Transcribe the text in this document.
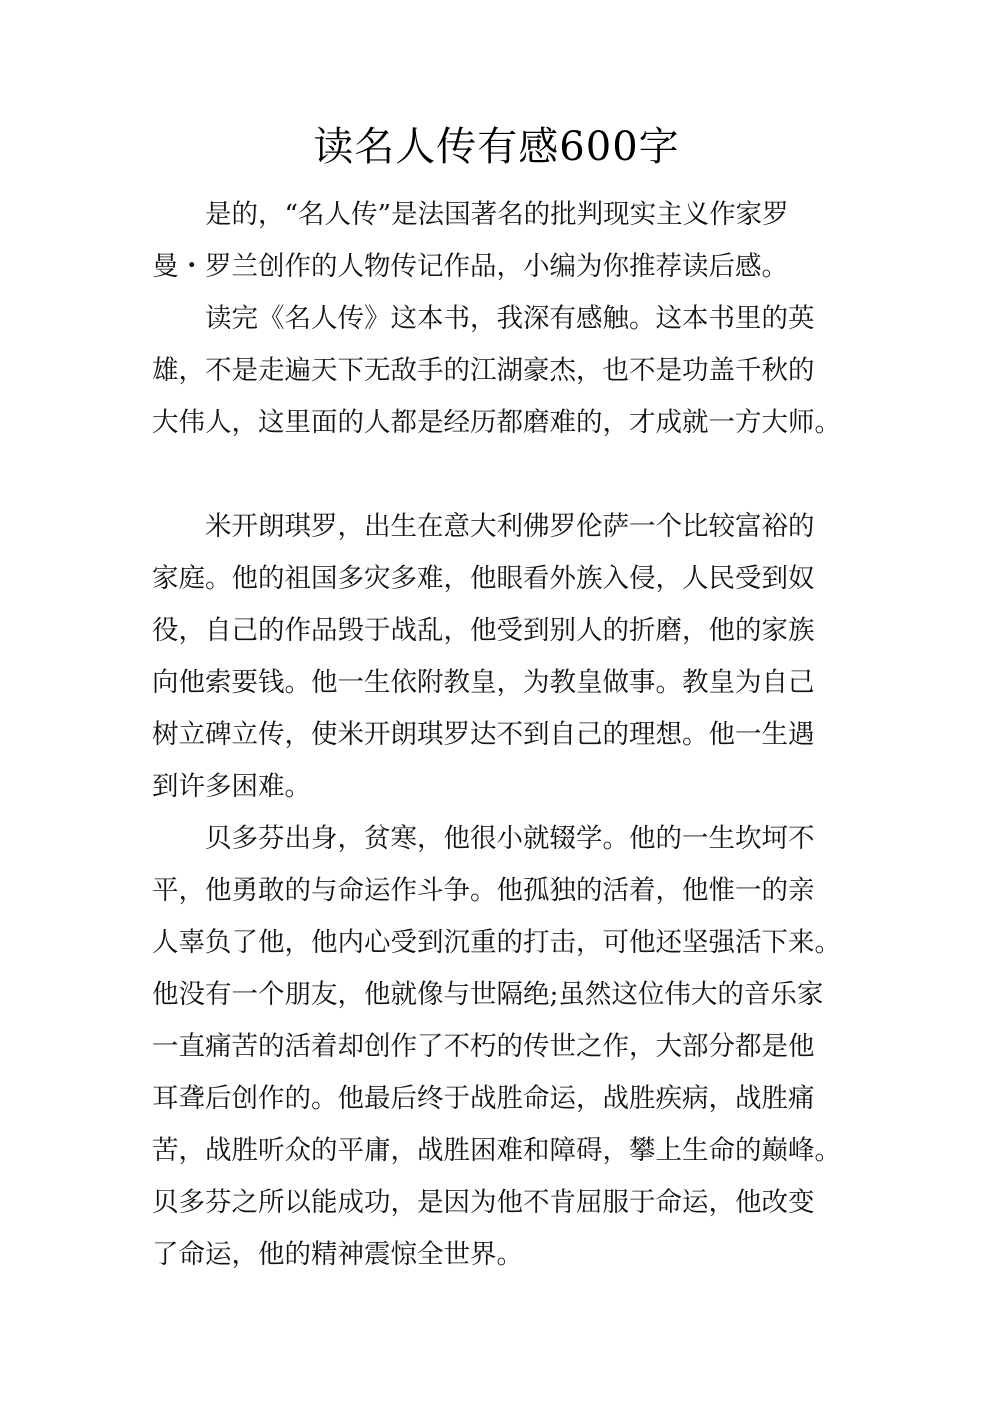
读名人传有感600字
是的，“名人传”是法国著名的批判现实主义作家罗
曼・罗兰创作的人物传记作品，小编为你推荐读后感。
读完《名人传》这本书，我深有感触。这本书里的英
雄，不是走遍天下无敌手的江湖豪杰，也不是功盖千秋的
大伟人，这里面的人都是经历都磨难的，才成就一方大师。
米开朗琪罗，出生在意大利佛罗伦萨一个比较富裕的
家庭。他的祖国多灾多难，他眼看外族入侵，人民受到奴
役，自己的作品毁于战乱，他受到别人的折磨，他的家族
向他索要钱。他一生依附教皇，为教皇做事。教皇为自己
树立碑立传，使米开朗琪罗达不到自己的理想。他一生遇
到许多困难。
贝多芬出身，贫寒，他很小就辍学。他的一生坎坷不
平，他勇敢的与命运作斗争。他孤独的活着，他惟一的亲
人辜负了他，他内心受到沉重的打击，可他还坚强活下来。
他没有一个朋友，他就像与世隔绝;虽然这位伟大的音乐家
一直痛苦的活着却创作了不朽的传世之作，大部分都是他
耳聋后创作的。他最后终于战胜命运，战胜疾病，战胜痛
苦，战胜听众的平庸，战胜困难和障碍，攀上生命的巅峰。
贝多芬之所以能成功，是因为他不肯屈服于命运，他改变
了命运，他的精神震惊全世界。
